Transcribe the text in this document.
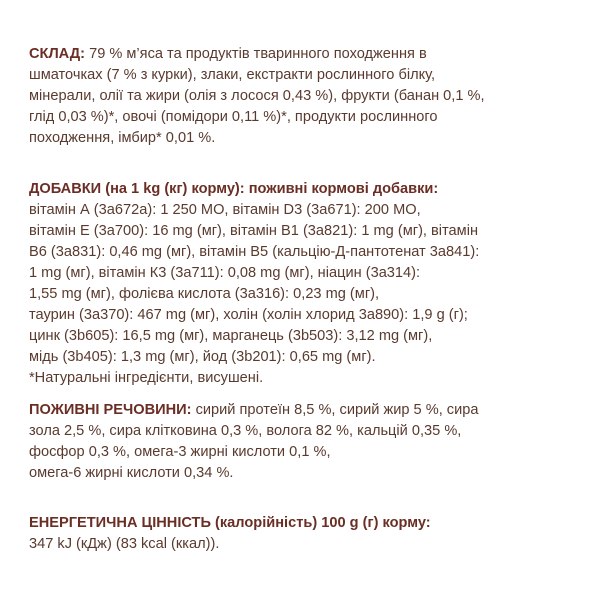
СКЛАД: 79 % м’яса та продуктів тваринного походження в
шматочках (7 % з курки), злаки, екстракти рослинного білку,
мінерали, олії та жири (олія з лосося 0,43 %), фрукти (банан 0,1 %,
глід 0,03 %)*, овочі (помідори 0,11 %)*, продукти рослинного
походження, імбир* 0,01 %.
ДОБАВКИ (на 1 kg (кг) корму): поживні кормові добавки:
вітамін А (3а672а): 1 250 МО, вітамін D3 (3а671): 200 МО,
вітамін Е (3а700): 16 mg (мг), вітамін В1 (3а821): 1 mg (мг), вітамін
В6 (3а831): 0,46 mg (мг), вітамін В5 (кальцію-Д-пантотенат 3а841):
1 mg (мг), вітамін К3 (3а711): 0,08 mg (мг), ніацин (3а314):
1,55 mg (мг), фолієва кислота (3а316): 0,23 mg (мг),
таурин (3а370): 467 mg (мг), холін (холін хлорид 3а890): 1,9 g (г);
цинк (3b605): 16,5 mg (мг), марганець (3b503): 3,12 mg (мг),
мідь (3b405): 1,3 mg (мг), йод (3b201): 0,65 mg (мг).
*Натуральні інгредієнти, висушені.
ПОЖИВНІ РЕЧОВИНИ: сирий протеїн 8,5 %, сирий жир 5 %, сира
зола 2,5 %, сира клітковина 0,3 %, волога 82 %, кальцій 0,35 %,
фосфор 0,3 %, омега-3 жирні кислоти 0,1 %,
омега-6 жирні кислоти 0,34 %.
ЕНЕРГЕТИЧНА ЦІННІСТЬ (калорійність) 100 g (г) корму:
347 kJ (кДж) (83 kcal (ккал)).
